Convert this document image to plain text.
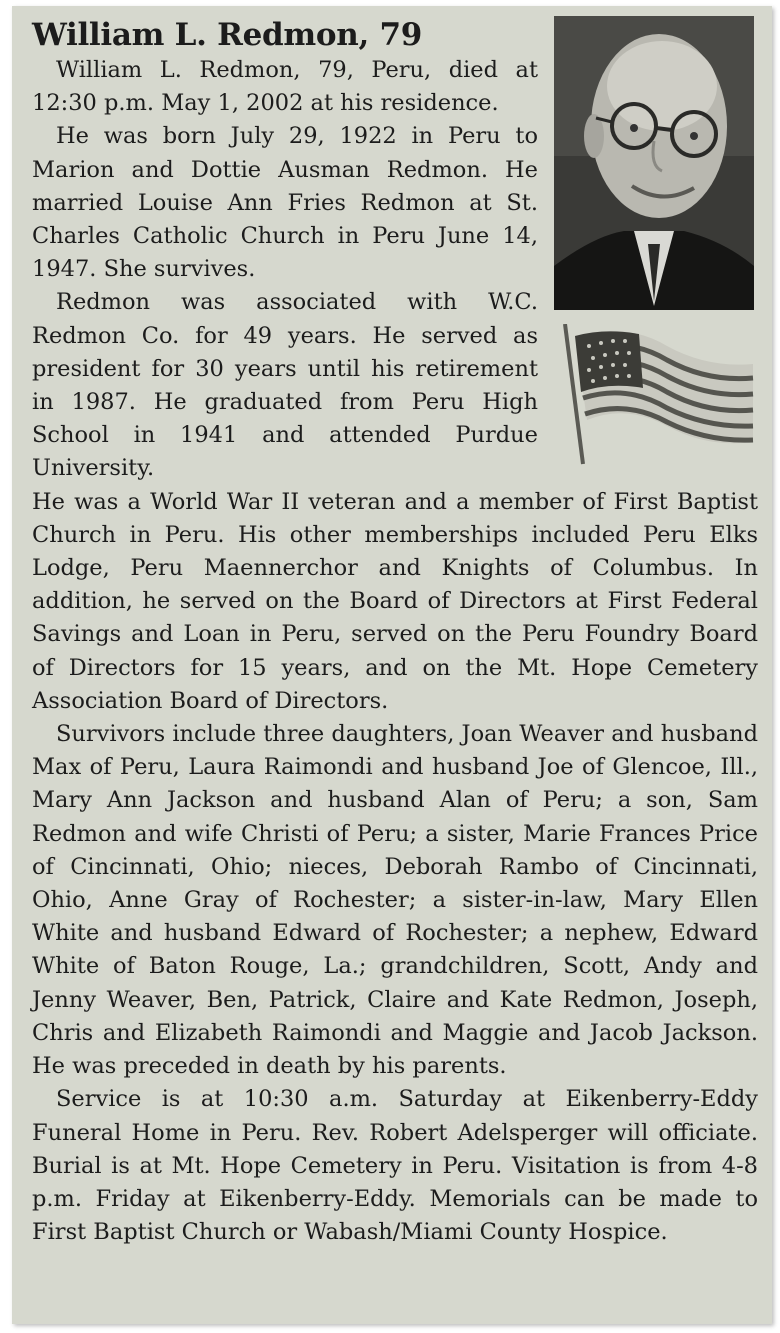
William L. Redmon, 79

William L. Redmon, 79, Peru, died at 12:30 p.m. May 1, 2002 at his residence.

He was born July 29, 1922 in Peru to Marion and Dottie Ausman Redmon. He married Louise Ann Fries Redmon at St. Charles Catholic Church in Peru June 14, 1947. She survives.

Redmon was associated with W.C. Redmon Co. for 49 years. He served as president for 30 years until his retirement in 1987. He graduated from Peru High School in 1941 and attended Purdue University.

He was a World War II veteran and a member of First Baptist Church in Peru. His other memberships included Peru Elks Lodge, Peru Maennerchor and Knights of Columbus. In addition, he served on the Board of Directors at First Federal Savings and Loan in Peru, served on the Peru Foundry Board of Directors for 15 years, and on the Mt. Hope Cemetery Association Board of Directors.

Survivors include three daughters, Joan Weaver and husband Max of Peru, Laura Raimondi and husband Joe of Glencoe, Ill., Mary Ann Jackson and husband Alan of Peru; a son, Sam Redmon and wife Christi of Peru; a sister, Marie Frances Price of Cincinnati, Ohio; nieces, Deborah Rambo of Cincinnati, Ohio, Anne Gray of Rochester; a sister-in-law, Mary Ellen White and husband Edward of Rochester; a nephew, Edward White of Baton Rouge, La.; grandchildren, Scott, Andy and Jenny Weaver, Ben, Patrick, Claire and Kate Redmon, Joseph, Chris and Elizabeth Raimondi and Maggie and Jacob Jackson. He was preceded in death by his parents.

Service is at 10:30 a.m. Saturday at Eikenberry-Eddy Funeral Home in Peru. Rev. Robert Adelsperger will officiate. Burial is at Mt. Hope Cemetery in Peru. Visitation is from 4-8 p.m. Friday at Eikenberry-Eddy. Memorials can be made to First Baptist Church or Wabash/Miami County Hospice.
